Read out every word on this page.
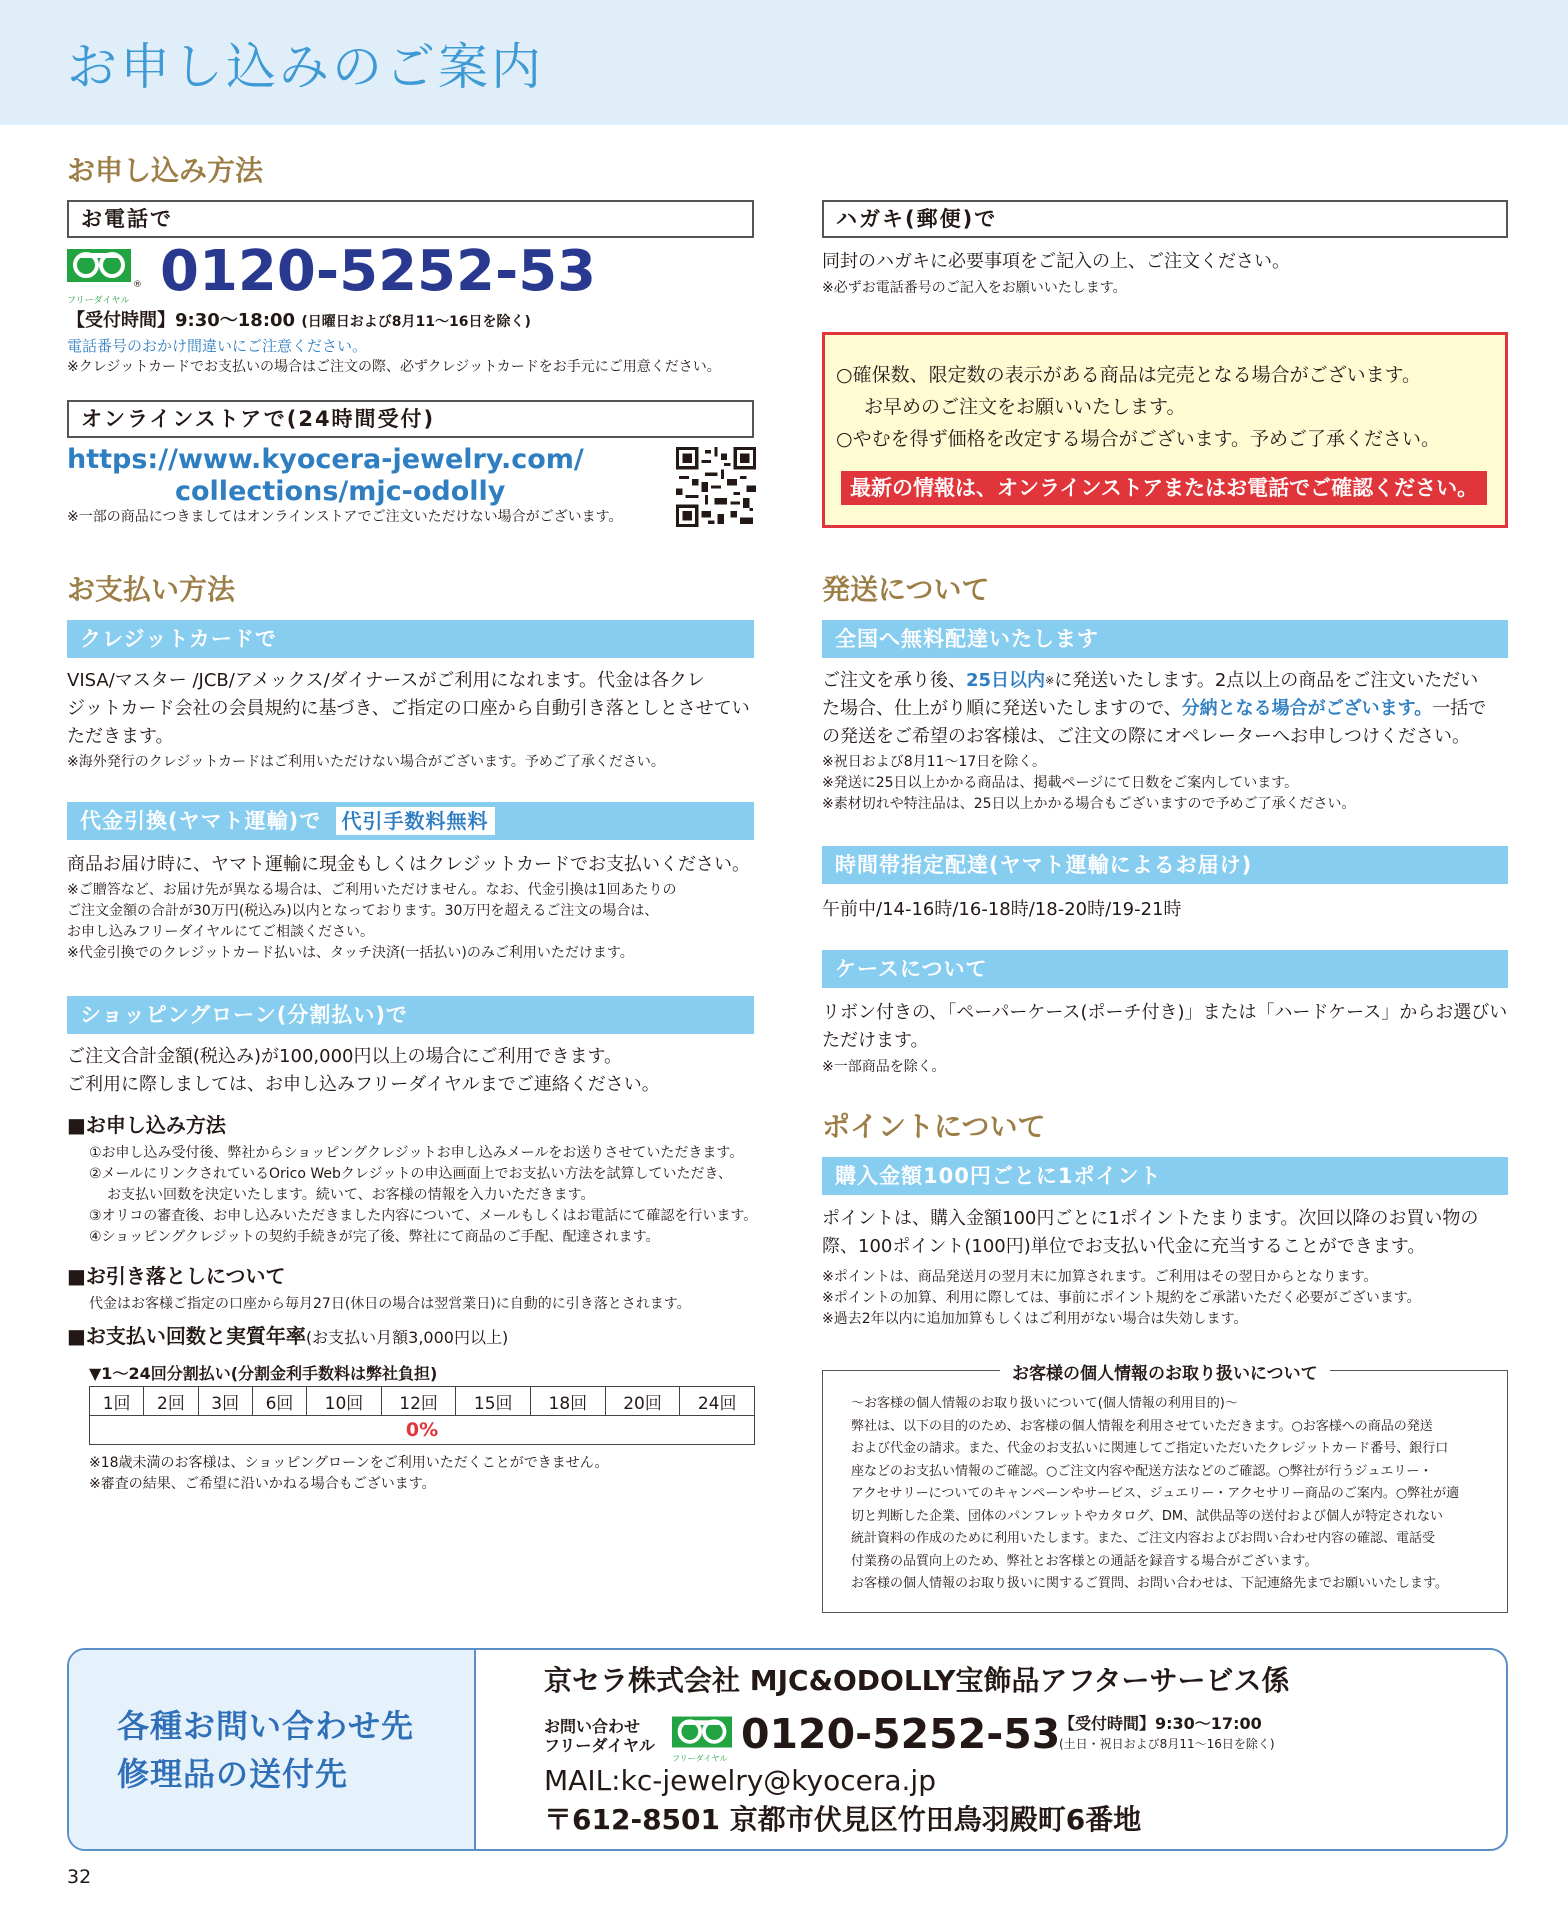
お申し込みのご案内
お申し込み方法
お電話で
フリーダイヤル
® 0120-5252-53
【受付時間】9:30〜18:00 (日曜日および8月11〜16日を除く)
電話番号のおかけ間違いにご注意ください。
※クレジットカードでお支払いの場合はご注文の際、必ずクレジットカードをお手元にご用意ください。
オンラインストアで(24時間受付)
https://www.kyocera-jewelry.com/
collections/mjc-odolly
※一部の商品につきましてはオンラインストアでご注文いただけない場合がございます。
お支払い方法
クレジットカードで
VISA/マスター /JCB/アメックス/ダイナースがご利用になれます。代金は各クレ
ジットカード会社の会員規約に基づき、ご指定の口座から自動引き落としとさせてい
ただきます。
※海外発行のクレジットカードはご利用いただけない場合がございます。予めご了承ください。
代金引換(ヤマト運輸)で 代引手数料無料
商品お届け時に、ヤマト運輸に現金もしくはクレジットカードでお支払いください。
※ご贈答など、お届け先が異なる場合は、ご利用いただけません。なお、代金引換は1回あたりの
ご注文金額の合計が30万円(税込み)以内となっております。30万円を超えるご注文の場合は、
お申し込みフリーダイヤルにてご相談ください。
※代金引換でのクレジットカード払いは、タッチ決済(一括払い)のみご利用いただけます。
ショッピングローン(分割払い)で
ご注文合計金額(税込み)が100,000円以上の場合にご利用できます。
ご利用に際しましては、お申し込みフリーダイヤルまでご連絡ください。
■お申し込み方法
①お申し込み受付後、弊社からショッピングクレジットお申し込みメールをお送りさせていただきます。
②メールにリンクされているOrico Webクレジットの申込画面上でお支払い方法を試算していただき、
お支払い回数を決定いたします。続いて、お客様の情報を入力いただきます。
③オリコの審査後、お申し込みいただきました内容について、メールもしくはお電話にて確認を行います。
④ショッピングクレジットの契約手続きが完了後、弊社にて商品のご手配、配達されます。
■お引き落としについて
代金はお客様ご指定の口座から毎月27日(休日の場合は翌営業日)に自動的に引き落とされます。
■お支払い回数と実質年率(お支払い月額3,000円以上)
▼1〜24回分割払い(分割金利手数料は弊社負担)
1回	2回	3回	6回	10回	12回	15回	18回	20回	24回
0%
※18歳未満のお客様は、ショッピングローンをご利用いただくことができません。
※審査の結果、ご希望に沿いかねる場合もございます。
ハガキ(郵便)で
同封のハガキに必要事項をご記入の上、ご注文ください。
※必ずお電話番号のご記入をお願いいたします。
○確保数、限定数の表示がある商品は完売となる場合がございます。
お早めのご注文をお願いいたします。
○やむを得ず価格を改定する場合がございます。予めご了承ください。
最新の情報は、オンラインストアまたはお電話でご確認ください。
発送について
全国へ無料配達いたします
ご注文を承り後、25日以内※に発送いたします。2点以上の商品をご注文いただい
た場合、仕上がり順に発送いたしますので、分納となる場合がございます。一括で
の発送をご希望のお客様は、ご注文の際にオペレーターへお申しつけください。
※祝日および8月11〜17日を除く。
※発送に25日以上かかる商品は、掲載ページにて日数をご案内しています。
※素材切れや特注品は、25日以上かかる場合もございますので予めご了承ください。
時間帯指定配達(ヤマト運輸によるお届け)
午前中/14-16時/16-18時/18-20時/19-21時
ケースについて
リボン付きの、「ペーパーケース(ポーチ付き)」または「ハードケース」からお選びい
ただけます。
※一部商品を除く。
ポイントについて
購入金額100円ごとに1ポイント
ポイントは、購入金額100円ごとに1ポイントたまります。次回以降のお買い物の
際、100ポイント(100円)単位でお支払い代金に充当することができます。
※ポイントは、商品発送月の翌月末に加算されます。ご利用はその翌日からとなります。
※ポイントの加算、利用に際しては、事前にポイント規約をご承諾いただく必要がございます。
※過去2年以内に追加加算もしくはご利用がない場合は失効します。
〜お客様の個人情報のお取り扱いについて(個人情報の利用目的)〜
弊社は、以下の目的のため、お客様の個人情報を利用させていただきます。○お客様への商品の発送
および代金の請求。また、代金のお支払いに関連してご指定いただいたクレジットカード番号、銀行口
座などのお支払い情報のご確認。○ご注文内容や配送方法などのご確認。○弊社が行うジュエリー・
アクセサリーについてのキャンペーンやサービス、ジュエリー・アクセサリー商品のご案内。○弊社が適
切と判断した企業、団体のパンフレットやカタログ、DM、試供品等の送付および個人が特定されない
統計資料の作成のために利用いたします。また、ご注文内容およびお問い合わせ内容の確認、電話受
付業務の品質向上のため、弊社とお客様との通話を録音する場合がございます。
お客様の個人情報のお取り扱いに関するご質問、お問い合わせは、下記連絡先までお願いいたします。
お客様の個人情報のお取り扱いについて
各種お問い合わせ先
修理品の送付先
京セラ株式会社 MJC&ODOLLY宝飾品アフターサービス係
お問い合わせ
フリーダイヤル
フリーダイヤル
0120-5252-53
【受付時間】9:30〜17:00
(土日・祝日および8月11〜16日を除く)
MAIL:kc-jewelry@kyocera.jp
〒612-8501 京都市伏見区竹田鳥羽殿町6番地
32
